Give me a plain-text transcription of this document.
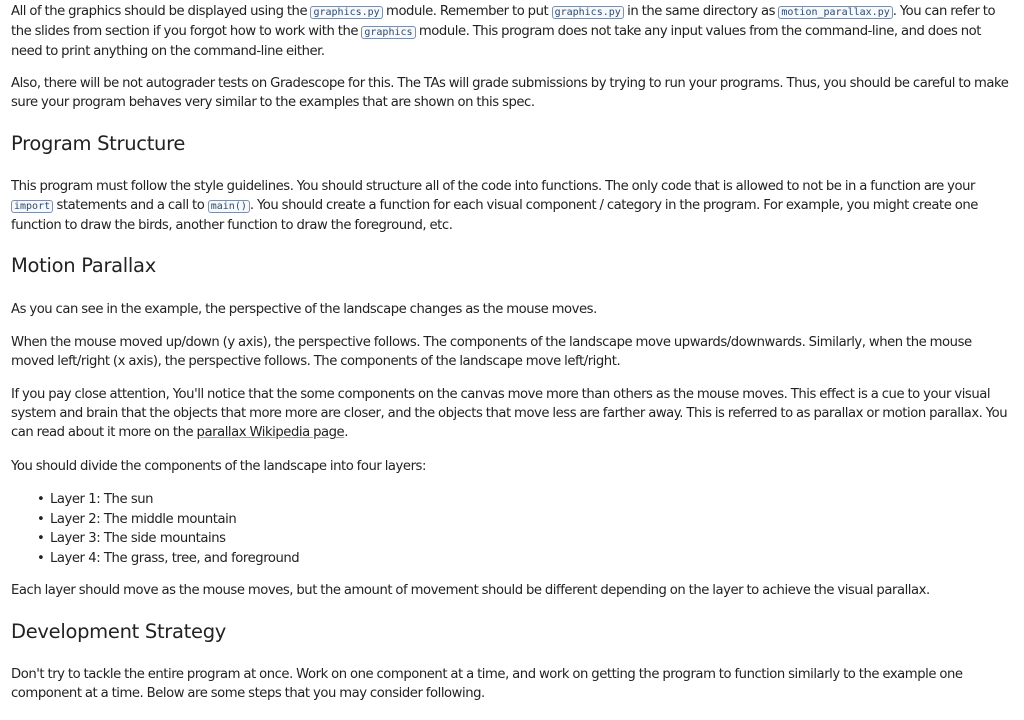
All of the graphics should be displayed using the graphics.py module. Remember to put graphics.py in the same directory as motion_parallax.py . You can refer to the slides from section if you forgot how to work with the graphics module. This program does not take any input values from the command-line, and does not need to print anything on the command-line either.

Also, there will be not autograder tests on Gradescope for this. The TAs will grade submissions by trying to run your programs. Thus, you should be careful to make sure your program behaves very similar to the examples that are shown on this spec.

Program Structure

This program must follow the style guidelines. You should structure all of the code into functions. The only code that is allowed to not be in a function are your import statements and a call to main() . You should create a function for each visual component / category in the program. For example, you might create one function to draw the birds, another function to draw the foreground, etc.

Motion Parallax

As you can see in the example, the perspective of the landscape changes as the mouse moves.

When the mouse moved up/down (y axis), the perspective follows. The components of the landscape move upwards/downwards. Similarly, when the mouse moved left/right (x axis), the perspective follows. The components of the landscape move left/right.

If you pay close attention, You'll notice that the some components on the canvas move more than others as the mouse moves. This effect is a cue to your visual system and brain that the objects that more more are closer, and the objects that move less are farther away. This is referred to as parallax or motion parallax. You can read about it more on the parallax Wikipedia page.

You should divide the components of the landscape into four layers:

• Layer 1: The sun
• Layer 2: The middle mountain
• Layer 3: The side mountains
• Layer 4: The grass, tree, and foreground

Each layer should move as the mouse moves, but the amount of movement should be different depending on the layer to achieve the visual parallax.

Development Strategy

Don't try to tackle the entire program at once. Work on one component at a time, and work on getting the program to function similarly to the example one component at a time. Below are some steps that you may consider following.
